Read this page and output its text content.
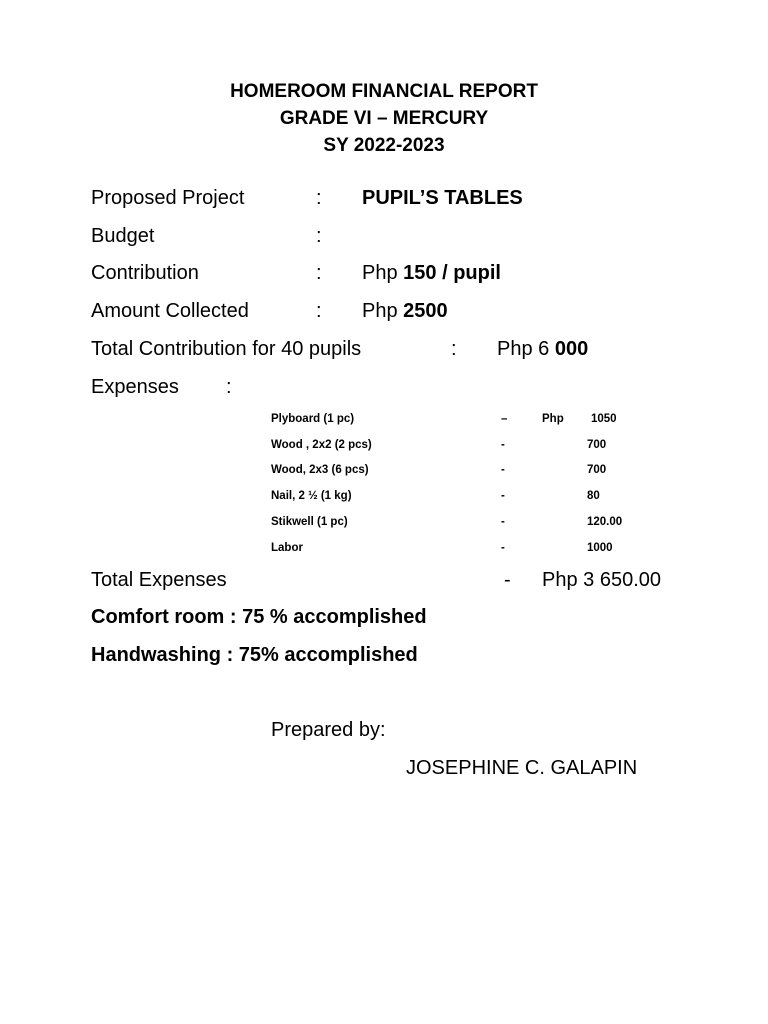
HOMEROOM FINANCIAL REPORT
GRADE VI – MERCURY
SY 2022-2023
Proposed Project	: PUPIL’S TABLES
Budget	:
Contribution	: Php 150 / pupil
Amount Collected	: Php 2500
Total Contribution for 40 pupils	: Php 6 000
Expenses :
Plyboard (1 pc)	–	Php 1050
Wood , 2x2 (2 pcs)	-	700
Wood, 2x3 (6 pcs)	-	700
Nail, 2 ½ (1 kg)	-	80
Stikwell (1 pc)	-	120.00
Labor	-	1000
Total Expenses	- Php 3 650.00
Comfort room : 75 % accomplished
Handwashing : 75% accomplished
Prepared by:
JOSEPHINE C. GALAPIN
